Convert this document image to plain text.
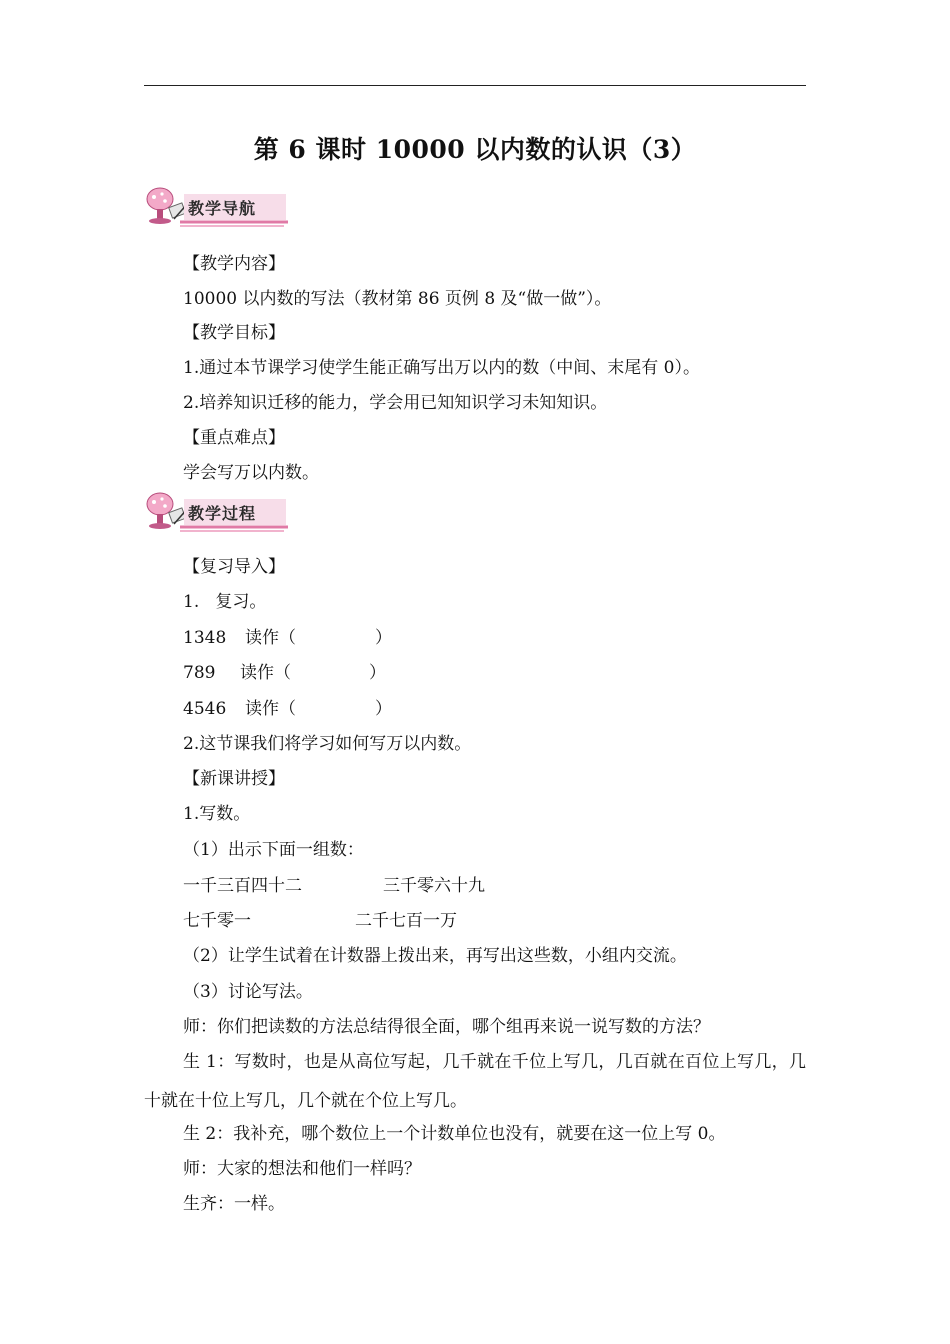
第 6 课时 10000 以内数的认识（3）
教学导航
【教学内容】
10000 以内数的写法（教材第 86 页例 8 及“做一做”）。
【教学目标】
1.通过本节课学习使学生能正确写出万以内的数（中间、末尾有 0）。
2.培养知识迁移的能力，学会用已知知识学习未知知识。
【重点难点】
学会写万以内数。
教学过程
【复习导入】
1.   复习。
1348 读作（	）
789 读作（	）
4546 读作（	）
2.这节课我们将学习如何写万以内数。
【新课讲授】
1.写数。
（1）出示下面一组数：
一千三百四十二	三千零六十九
七千零一	二千七百一万
（2）让学生试着在计数器上拨出来，再写出这些数，小组内交流。
（3）讨论写法。
师：你们把读数的方法总结得很全面，哪个组再来说一说写数的方法？
生 1：写数时，也是从高位写起，几千就在千位上写几，几百就在百位上写几，几十就在十位上写几，几个就在个位上写几。
生 2：我补充，哪个数位上一个计数单位也没有，就要在这一位上写 0。
师：大家的想法和他们一样吗？
生齐：一样。
